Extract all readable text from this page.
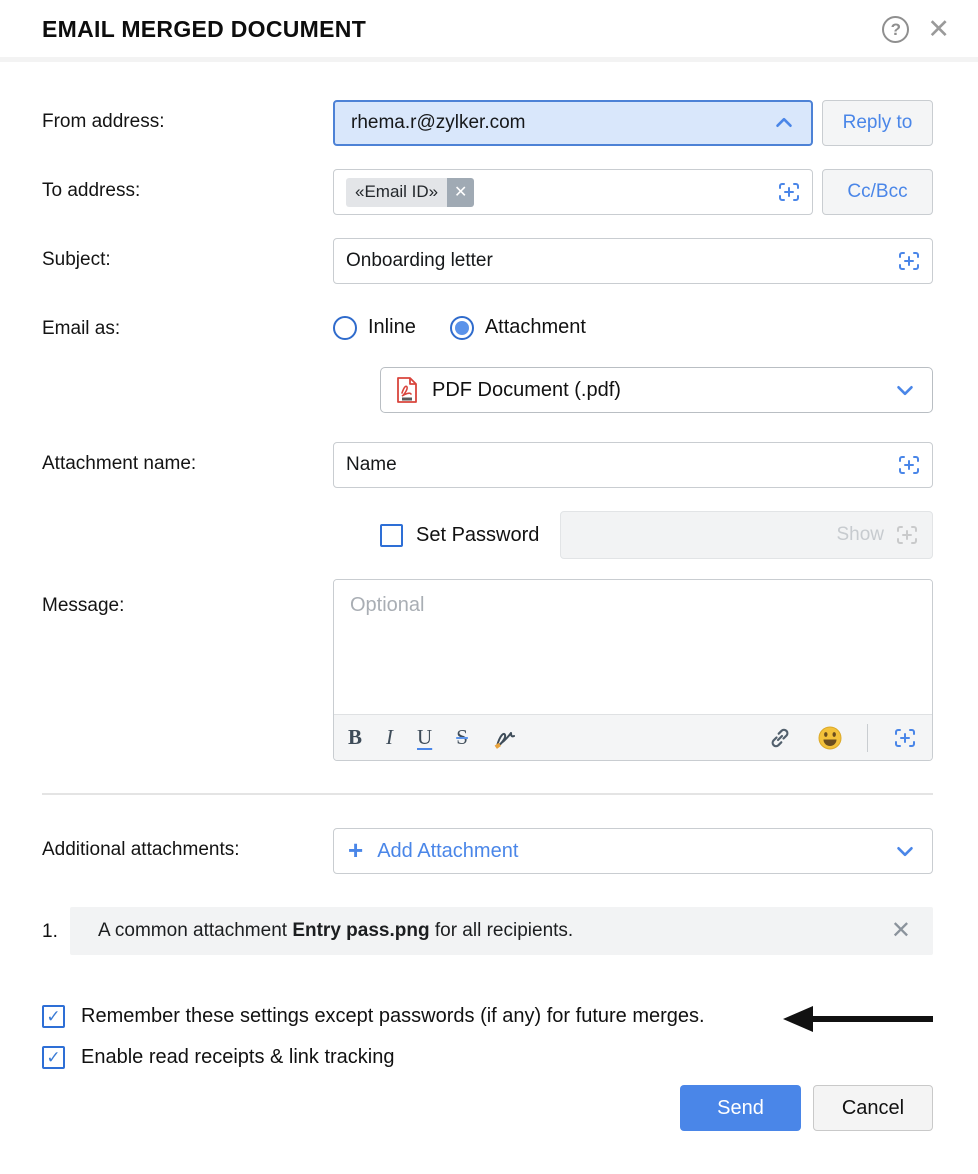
EMAIL MERGED DOCUMENT	? ✕
From address:	rhema.r@zylker.com	Reply to
To address:	«Email ID» ✕	Cc/Bcc
Subject:	Onboarding letter
Email as:	Inline	Attachment
PDF Document (.pdf)
Attachment name:	Name
Set Password	Show
Message:
Optional
B I U S
Additional attachments:	+ Add Attachment
1.	A common attachment Entry pass.png for all recipients.	✕
✓ Remember these settings except passwords (if any) for future merges.
✓ Enable read receipts & link tracking
Send	Cancel
